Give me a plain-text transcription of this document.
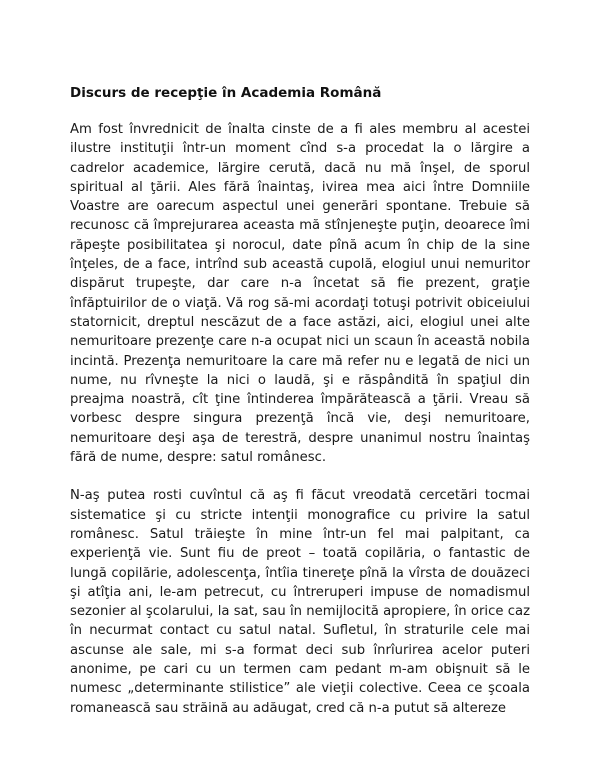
Discurs de recepţie în Academia Română

Am fost învrednicit de înalta cinste de a fi ales membru al acestei ilustre instituţii într-un moment cînd s-a procedat la o lărgire a cadrelor academice, lărgire cerută, dacă nu mă înşel, de sporul spiritual al ţării. Ales fără înaintaş, ivirea mea aici între Domniile Voastre are oarecum aspectul unei generări spontane. Trebuie să recunosc că împrejurarea aceasta mă stînjeneşte puţin, deoarece îmi răpeşte posibilitatea şi norocul, date pînă acum în chip de la sine înţeles, de a face, intrînd sub această cupolă, elogiul unui nemuritor dispărut trupeşte, dar care n-a încetat să fie prezent, graţie înfăptuirilor de o viaţă. Vă rog să-mi acordaţi totuşi potrivit obiceiului statornicit, dreptul nescăzut de a face astăzi, aici, elogiul unei alte nemuritoare prezenţe care n-a ocupat nici un scaun în această nobila incintă. Prezenţa nemuritoare la care mă refer nu e legată de nici un nume, nu rîvneşte la nici o laudă, şi e răspândită în spaţiul din preajma noastră, cît ţine întinderea împărătească a ţării. Vreau să vorbesc despre singura prezenţă încă vie, deşi nemuritoare, nemuritoare deşi aşa de terestră, despre unanimul nostru înaintaş fără de nume, despre: satul românesc.

N-aş putea rosti cuvîntul că aş fi făcut vreodată cercetări tocmai sistematice şi cu stricte intenţii monografice cu privire la satul românesc. Satul trăieşte în mine într-un fel mai palpitant, ca experienţă vie. Sunt fiu de preot – toată copilăria, o fantastic de lungă copilărie, adolescenţa, întîia tinereţe pînă la vîrsta de douăzeci şi atîţia ani, le-am petrecut, cu întreruperi impuse de nomadismul sezonier al şcolarului, la sat, sau în nemijlocită apropiere, în orice caz în necurmat contact cu satul natal. Sufletul, în straturile cele mai ascunse ale sale, mi s-a format deci sub înrîurirea acelor puteri anonime, pe cari cu un termen cam pedant m-am obişnuit să le numesc „determinante stilistice” ale vieţii colective. Ceea ce şcoala romanească sau străină au adăugat, cred că n-a putut să altereze
